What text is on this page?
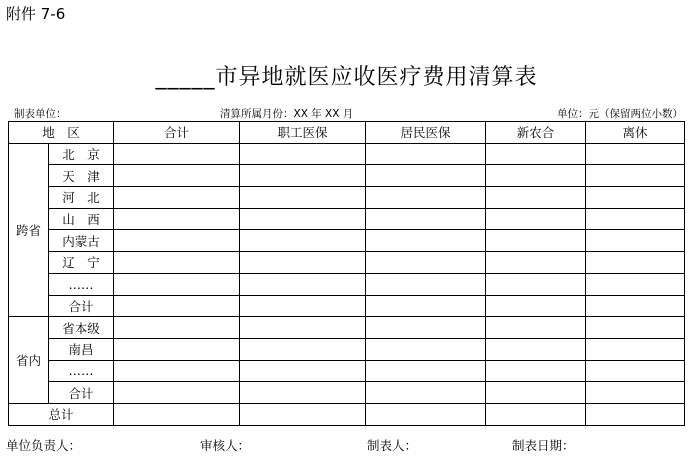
附件 7-6
_____市异地就医应收医疗费用清算表
制表单位：	清算所属月份：XX 年 XX 月	单位：元（保留两位小数）
地　区		合计	职工医保	居民医保	新农合	离休
跨省	北　京					
	天　津					
	河　北					
	山　西					
	内蒙古					
	辽　宁					
	……					
	合计					
省内	省本级					
	南昌					
	……					
	合计					
总计						
单位负责人：	审核人：	制表人：	制表日期：
